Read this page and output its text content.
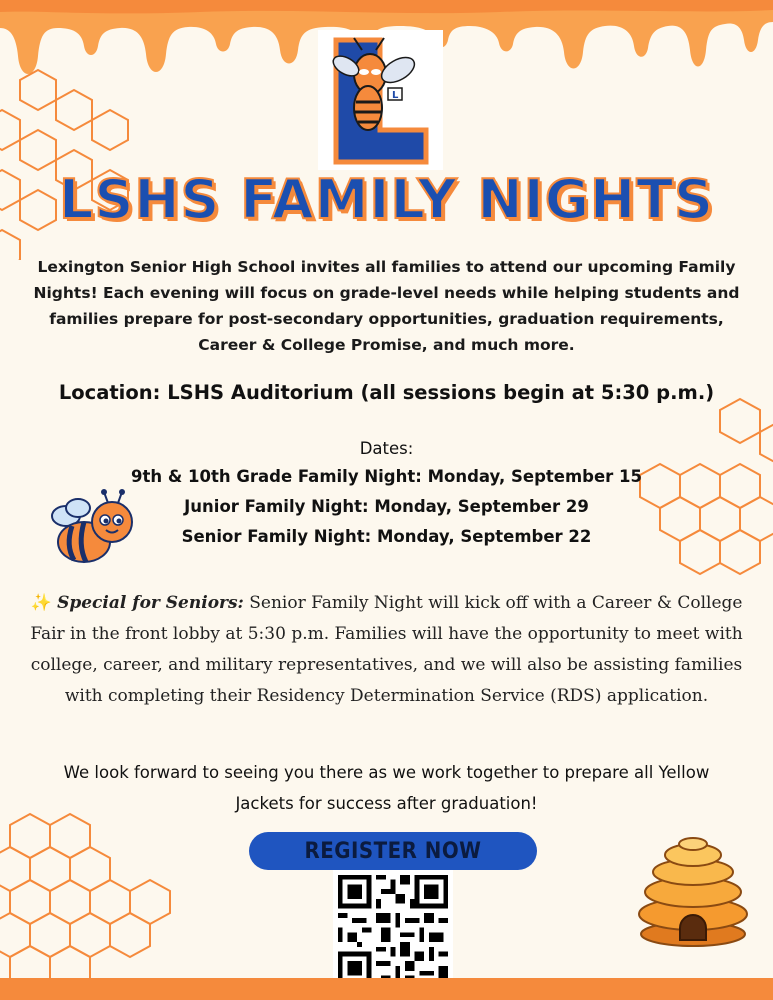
L
LSHS FAMILY NIGHTS
Lexington Senior High School invites all families to attend our upcoming Family Nights! Each evening will focus on grade-level needs while helping students and families prepare for post-secondary opportunities, graduation requirements, Career & College Promise, and much more.
Location: LSHS Auditorium (all sessions begin at 5:30 p.m.)
Dates:
9th & 10th Grade Family Night: Monday, September 15
Junior Family Night: Monday, September 29
Senior Family Night: Monday, September 22
✨ Special for Seniors: Senior Family Night will kick off with a Career & College Fair in the front lobby at 5:30 p.m. Families will have the opportunity to meet with college, career, and military representatives, and we will also be assisting families with completing their Residency Determination Service (RDS) application.
We look forward to seeing you there as we work together to prepare all Yellow Jackets for success after graduation!
REGISTER NOW
